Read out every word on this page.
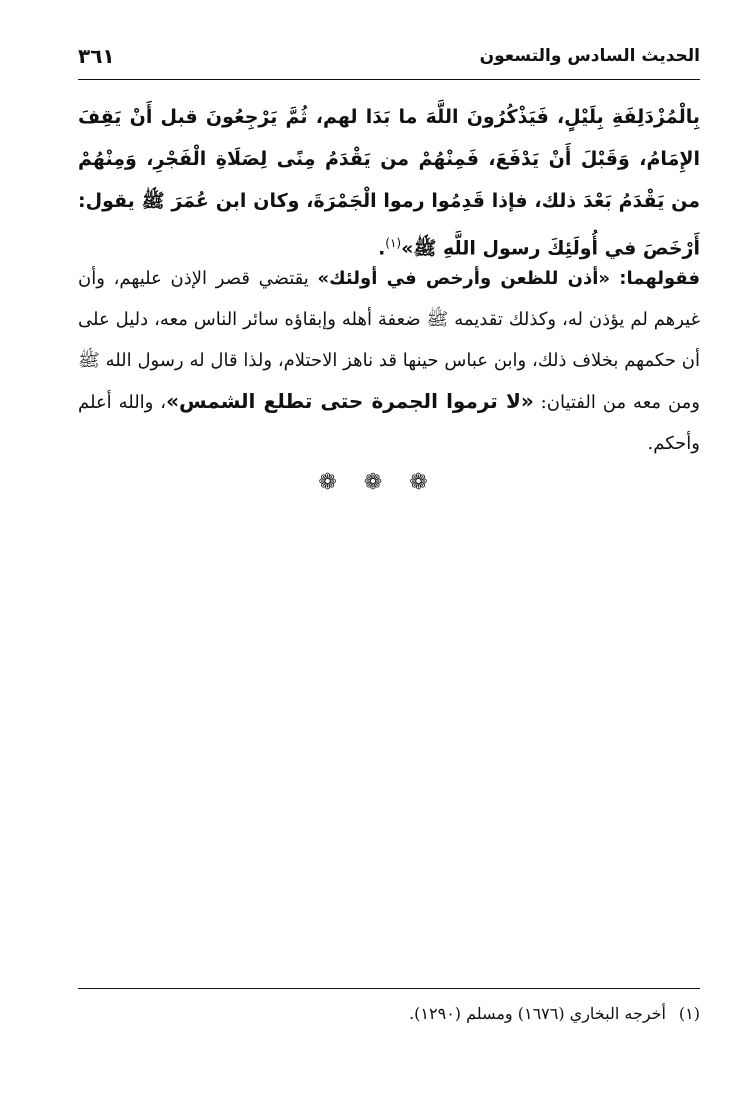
الحديث السادس والتسعون
٣٦١
بِالْمُزْدَلِفَةِ بِلَيْلٍ، فَيَذْكُرُونَ اللَّهَ ما بَدَا لهم، ثُمَّ يَرْجِعُونَ قبل أَنْ يَقِفَ الإِمَامُ، وَقَبْلَ أَنْ يَدْفَعَ، فَمِنْهُمْ من يَقْدَمُ مِنًى لِصَلَاةِ الْفَجْرِ، وَمِنْهُمْ من يَقْدَمُ بَعْدَ ذلك، فإذا قَدِمُوا رموا الْجَمْرَةَ، وكان ابن عُمَرَ ﷺ يقول: أَرْخَصَ في أُولَئِكَ رسول اللَّهِ ﷺ»$^{(١)}$.
فقولهما: «أذن للظعن وأرخص في أولئك» يقتضي قصر الإذن عليهم، وأن غيرهم لم يؤذن له، وكذلك تقديمه ﷺ ضعفة أهله وإبقاؤه سائر الناس معه، دليل على أن حكمهم بخلاف ذلك، وابن عباس حينها قد ناهز الاحتلام، ولذا قال له رسول الله ﷺ ومن معه من الفتيان: «لا ترموا الجمرة حتى تطلع الشمس»، والله أعلم وأحكم.
❁ ❁ ❁
(١)أخرجه البخاري (١٦٧٦) ومسلم (١٢٩٠).
